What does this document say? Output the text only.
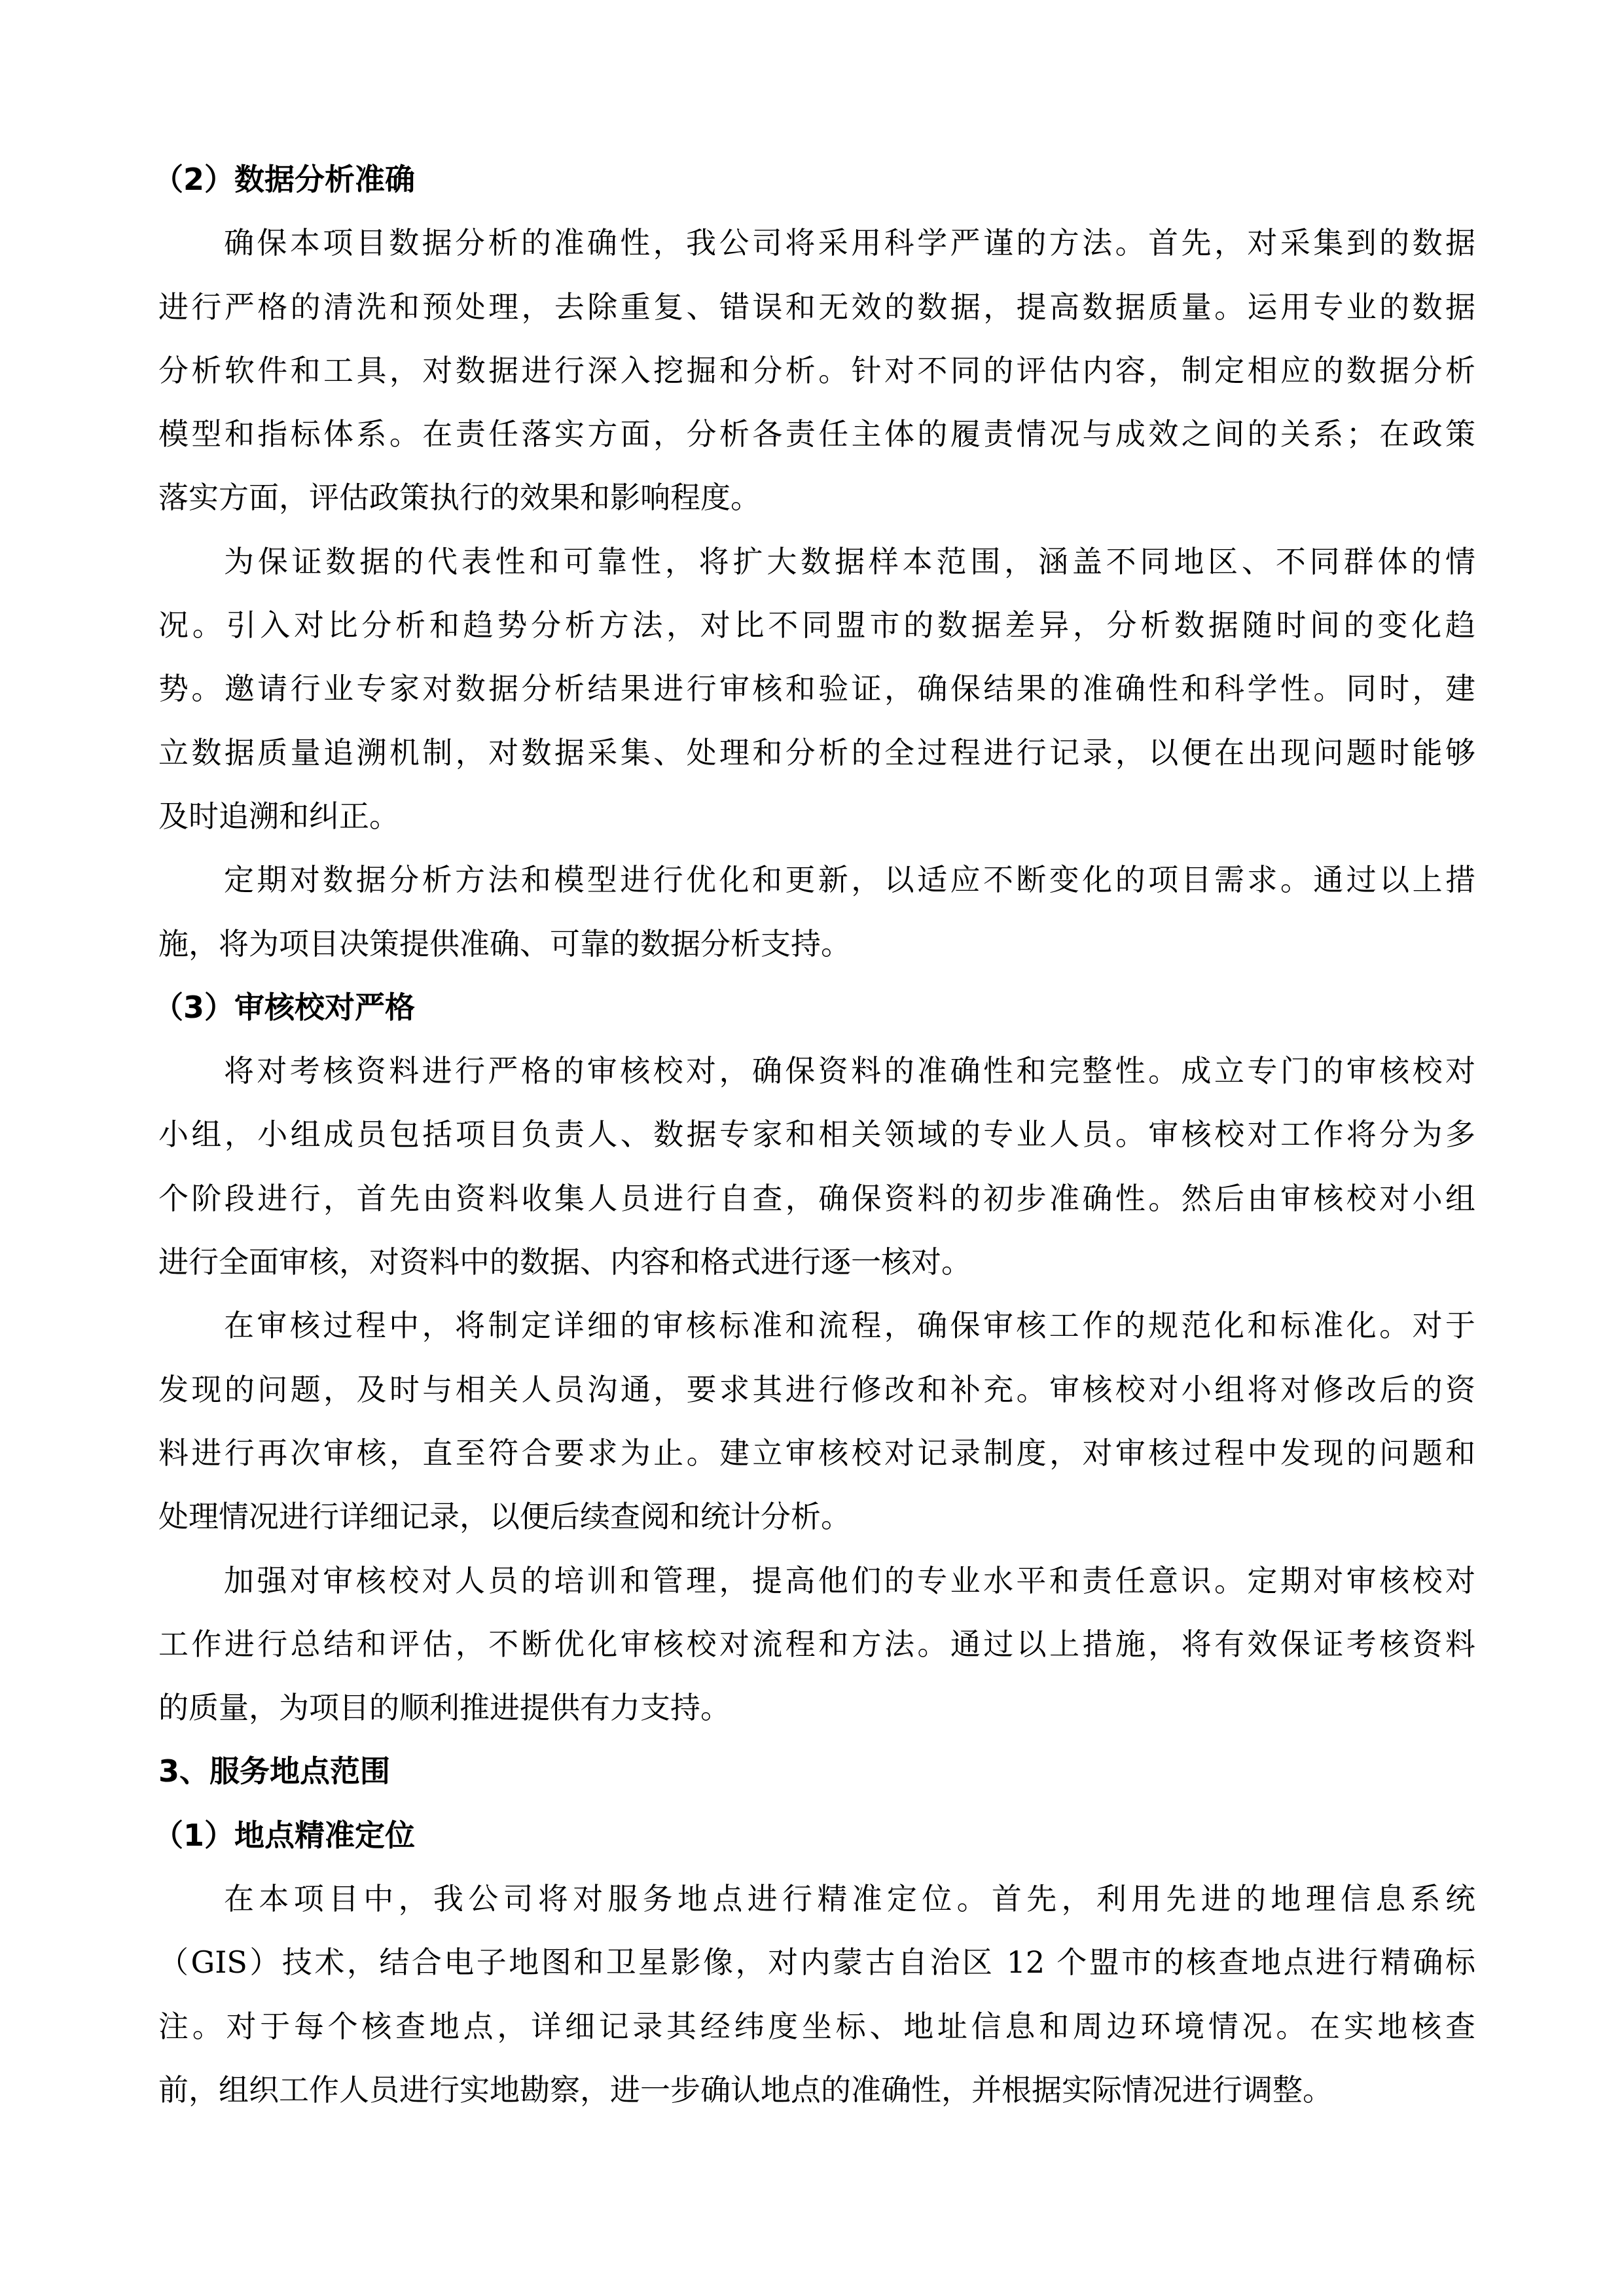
（2）数据分析准确
确保本项目数据分析的准确性，我公司将采用科学严谨的方法。首先，对采集到的数据
进行严格的清洗和预处理，去除重复、错误和无效的数据，提高数据质量。运用专业的数据
分析软件和工具，对数据进行深入挖掘和分析。针对不同的评估内容，制定相应的数据分析
模型和指标体系。在责任落实方面，分析各责任主体的履责情况与成效之间的关系；在政策
落实方面，评估政策执行的效果和影响程度。
为保证数据的代表性和可靠性，将扩大数据样本范围，涵盖不同地区、不同群体的情
况。引入对比分析和趋势分析方法，对比不同盟市的数据差异，分析数据随时间的变化趋
势。邀请行业专家对数据分析结果进行审核和验证，确保结果的准确性和科学性。同时，建
立数据质量追溯机制，对数据采集、处理和分析的全过程进行记录，以便在出现问题时能够
及时追溯和纠正。
定期对数据分析方法和模型进行优化和更新，以适应不断变化的项目需求。通过以上措
施，将为项目决策提供准确、可靠的数据分析支持。
（3）审核校对严格
将对考核资料进行严格的审核校对，确保资料的准确性和完整性。成立专门的审核校对
小组，小组成员包括项目负责人、数据专家和相关领域的专业人员。审核校对工作将分为多
个阶段进行，首先由资料收集人员进行自查，确保资料的初步准确性。然后由审核校对小组
进行全面审核，对资料中的数据、内容和格式进行逐一核对。
在审核过程中，将制定详细的审核标准和流程，确保审核工作的规范化和标准化。对于
发现的问题，及时与相关人员沟通，要求其进行修改和补充。审核校对小组将对修改后的资
料进行再次审核，直至符合要求为止。建立审核校对记录制度，对审核过程中发现的问题和
处理情况进行详细记录，以便后续查阅和统计分析。
加强对审核校对人员的培训和管理，提高他们的专业水平和责任意识。定期对审核校对
工作进行总结和评估，不断优化审核校对流程和方法。通过以上措施，将有效保证考核资料
的质量，为项目的顺利推进提供有力支持。
3、服务地点范围
（1）地点精准定位
在本项目中，我公司将对服务地点进行精准定位。首先，利用先进的地理信息系统
（GIS）技术，结合电子地图和卫星影像，对内蒙古自治区 12 个盟市的核查地点进行精确标
注。对于每个核查地点，详细记录其经纬度坐标、地址信息和周边环境情况。在实地核查
前，组织工作人员进行实地勘察，进一步确认地点的准确性，并根据实际情况进行调整。
